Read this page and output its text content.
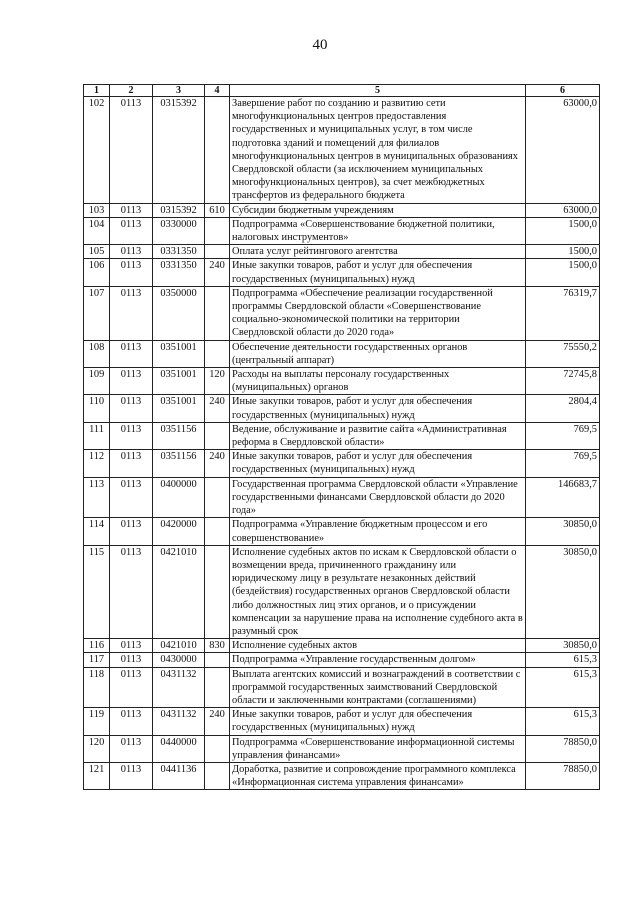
40
1	2	3	4	5	6
102	0113	0315392		Завершение работ по созданию и развитию сети многофункциональных центров предоставления государственных и муниципальных услуг, в том числе подготовка зданий и помещений для филиалов многофункциональных центров в муниципальных образованиях Свердловской области (за исключением муниципальных многофункциональных центров), за счет межбюджетных трансфертов из федерального бюджета	63000,0
103	0113	0315392	610	Субсидии бюджетным учреждениям	63000,0
104	0113	0330000		Подпрограмма «Совершенствование бюджетной политики, налоговых инструментов»	1500,0
105	0113	0331350		Оплата услуг рейтингового агентства	1500,0
106	0113	0331350	240	Иные закупки товаров, работ и услуг для обеспечения государственных (муниципальных) нужд	1500,0
107	0113	0350000		Подпрограмма «Обеспечение реализации государственной программы Свердловской области «Совершенствование социально-экономической политики на территории Свердловской области до 2020 года»	76319,7
108	0113	0351001		Обеспечение деятельности государственных органов (центральный аппарат)	75550,2
109	0113	0351001	120	Расходы на выплаты персоналу государственных (муниципальных) органов	72745,8
110	0113	0351001	240	Иные закупки товаров, работ и услуг для обеспечения государственных (муниципальных) нужд	2804,4
111	0113	0351156		Ведение, обслуживание и развитие сайта «Административная реформа в Свердловской области»	769,5
112	0113	0351156	240	Иные закупки товаров, работ и услуг для обеспечения государственных (муниципальных) нужд	769,5
113	0113	0400000		Государственная программа Свердловской области «Управление государственными финансами Свердловской области до 2020 года»	146683,7
114	0113	0420000		Подпрограмма «Управление бюджетным процессом и его совершенствование»	30850,0
115	0113	0421010		Исполнение судебных актов по искам к Свердловской области о возмещении вреда, причиненного гражданину или юридическому лицу в результате незаконных действий (бездействия) государственных органов Свердловской области либо должностных лиц этих органов, и о присуждении компенсации за нарушение права на исполнение судебного акта в разумный срок	30850,0
116	0113	0421010	830	Исполнение судебных актов	30850,0
117	0113	0430000		Подпрограмма «Управление государственным долгом»	615,3
118	0113	0431132		Выплата агентских комиссий и вознаграждений в соответствии с программой государственных заимствований Свердловской области и заключенными контрактами (соглашениями)	615,3
119	0113	0431132	240	Иные закупки товаров, работ и услуг для обеспечения государственных (муниципальных) нужд	615,3
120	0113	0440000		Подпрограмма «Совершенствование информационной системы управления финансами»	78850,0
121	0113	0441136		Доработка, развитие и сопровождение программного комплекса «Информационная система управления финансами»	78850,0
